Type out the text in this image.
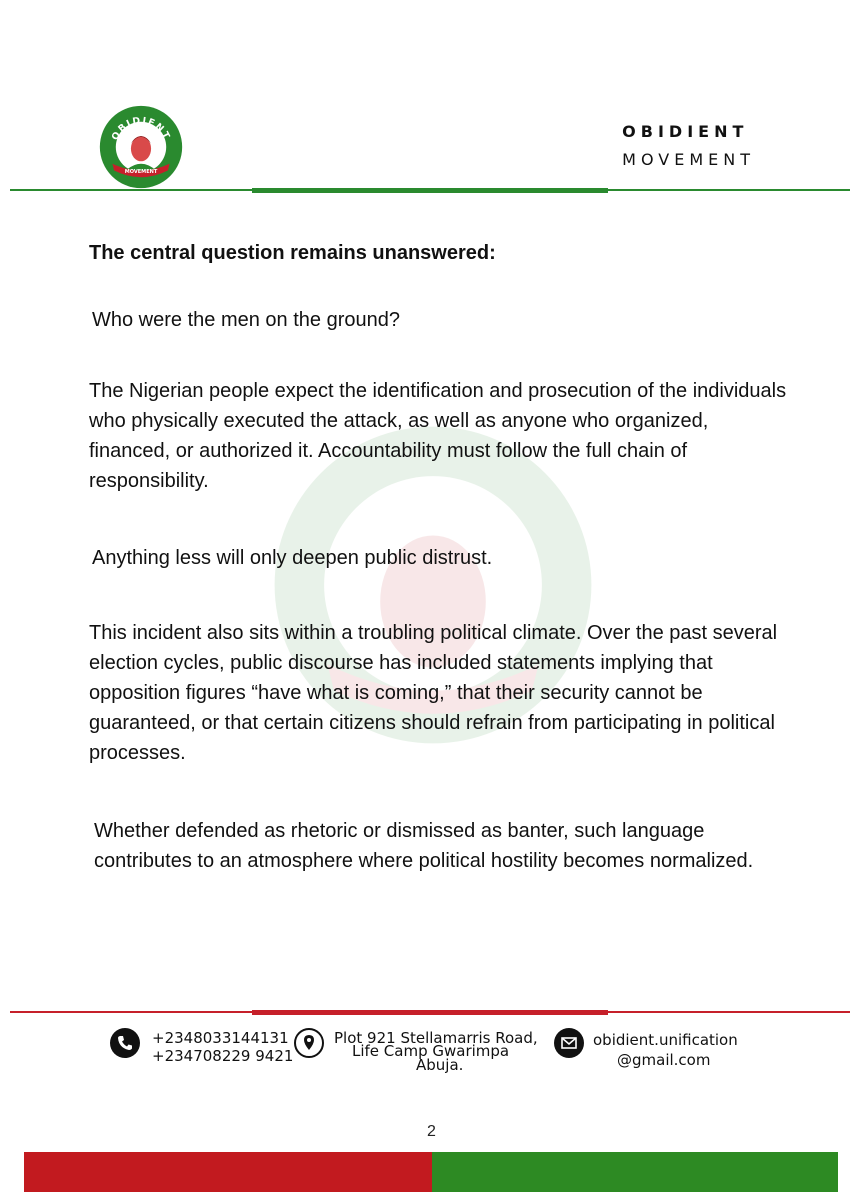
OBIDIENT
MOVEMENT
OBIDIENT
MOVEMENT

The central question remains unanswered:

Who were the men on the ground?

The Nigerian people expect the identification and prosecution of the individuals who physically executed the attack, as well as anyone who organized, financed, or authorized it. Accountability must follow the full chain of responsibility.

Anything less will only deepen public distrust.

This incident also sits within a troubling political climate. Over the past several election cycles, public discourse has included statements implying that opposition figures “have what is coming,” that their security cannot be guaranteed, or that certain citizens should refrain from participating in political processes.

Whether defended as rhetoric or dismissed as banter, such language contributes to an atmosphere where political hostility becomes normalized.

+2348033144131
+234708229 9421
Plot 921 Stellamarris Road,
Life Camp Gwarimpa
Abuja.
obidient.unification
@gmail.com
2
